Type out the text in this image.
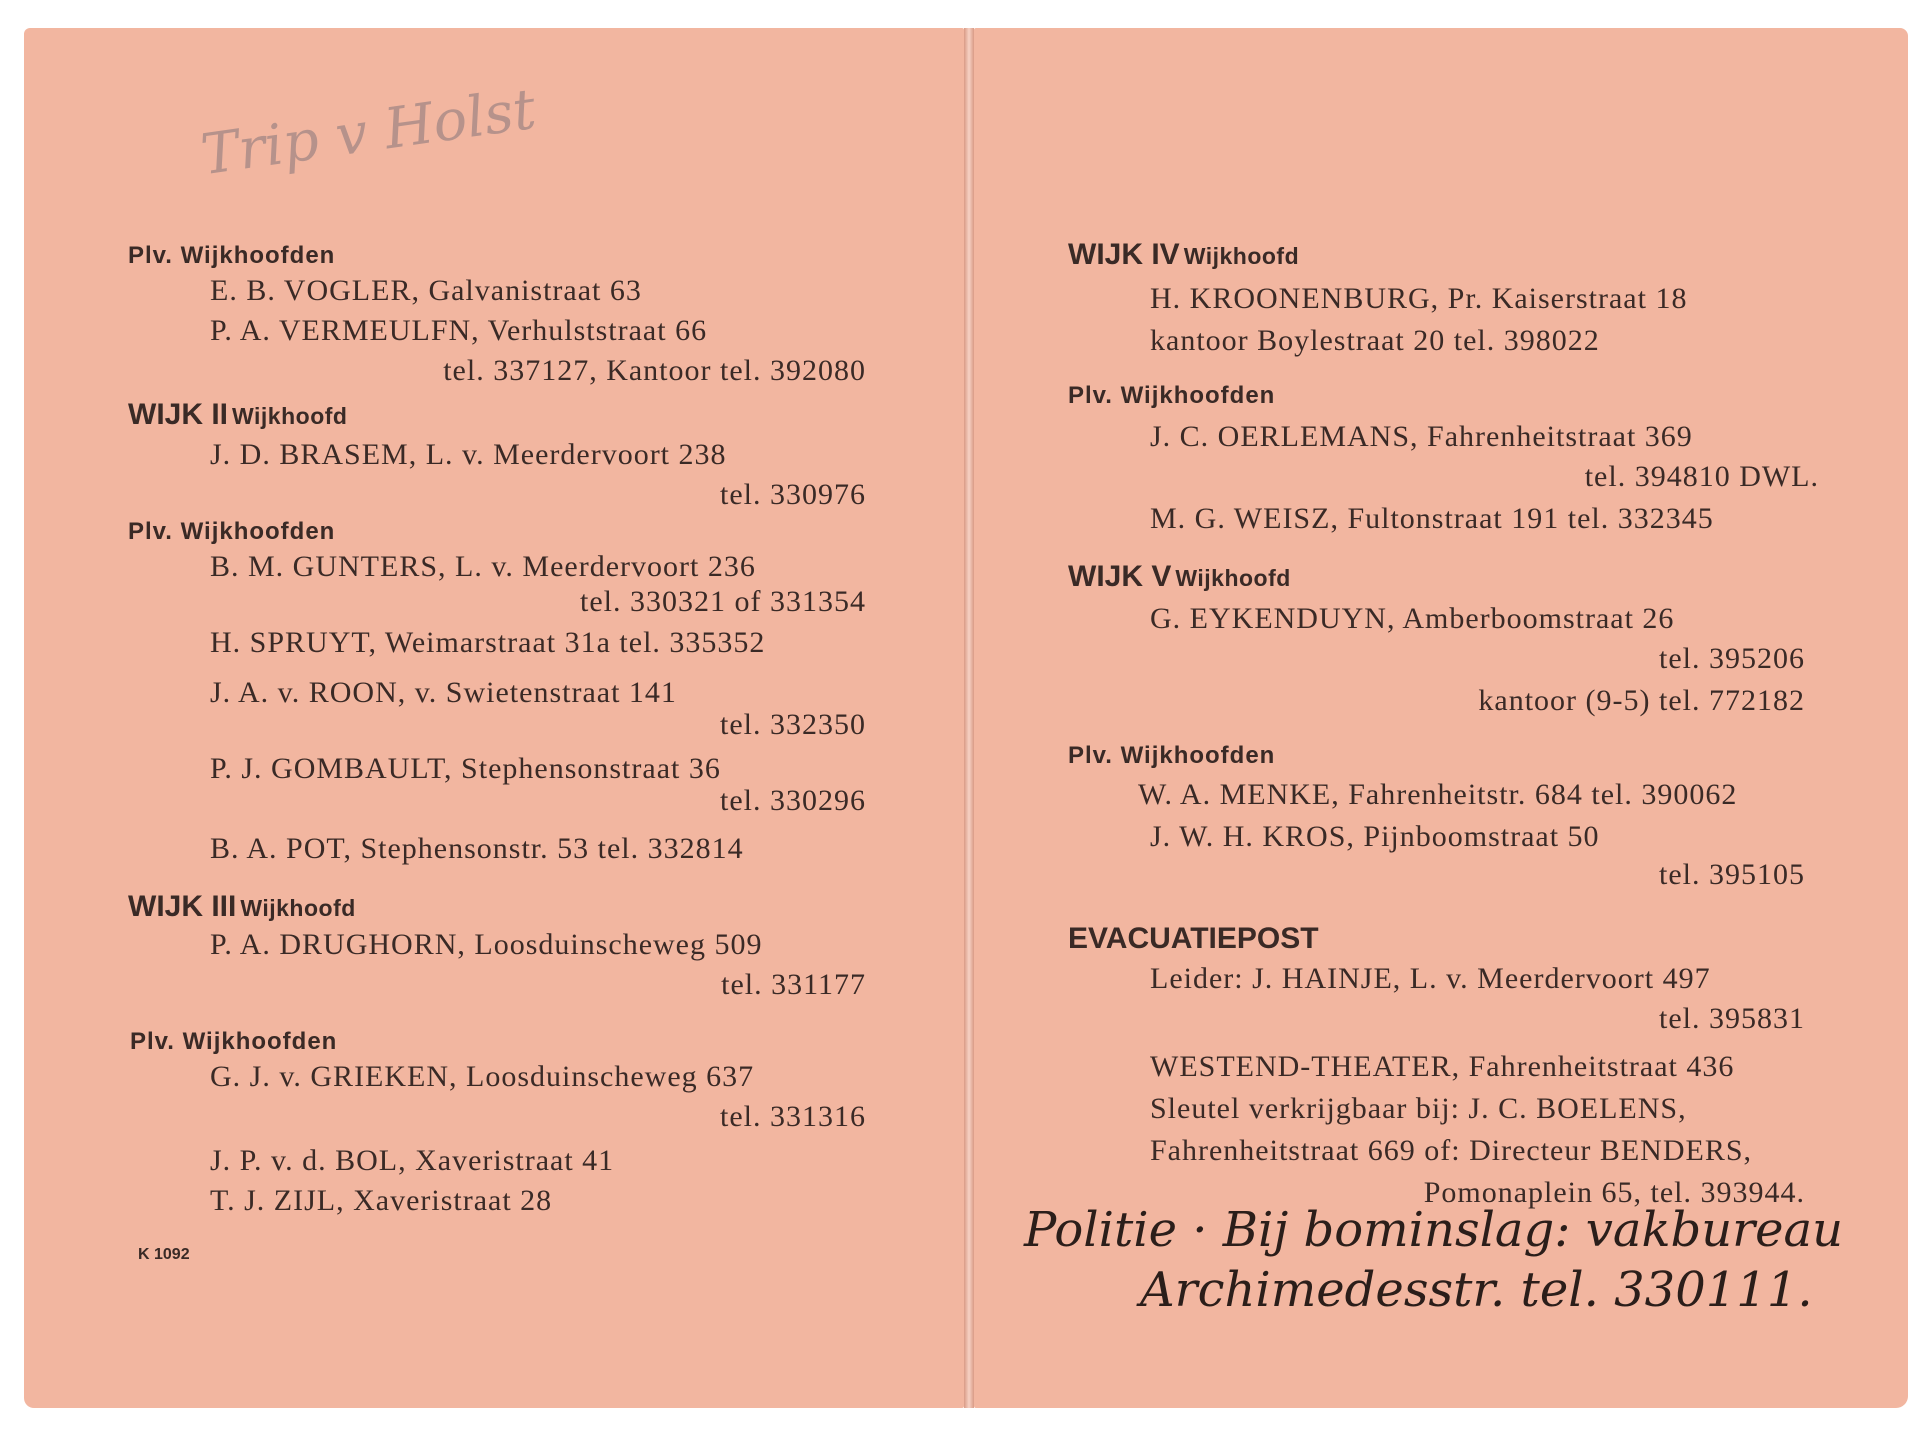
Trip v Holst
Plv. Wijkhoofden
E. B. VOGLER, Galvanistraat 63
P. A. VERMEULFN, Verhulststraat 66
tel. 337127, Kantoor tel. 392080
WIJK II Wijkhoofd
J. D. BRASEM, L. v. Meerdervoort 238
tel. 330976
Plv. Wijkhoofden
B. M. GUNTERS, L. v. Meerdervoort 236
tel. 330321 of 331354
H. SPRUYT, Weimarstraat 31a tel. 335352
J. A. v. ROON, v. Swietenstraat 141
tel. 332350
P. J. GOMBAULT, Stephensonstraat 36
tel. 330296
B. A. POT, Stephensonstr. 53 tel. 332814
WIJK III Wijkhoofd
P. A. DRUGHORN, Loosduinscheweg 509
tel. 331177
Plv. Wijkhoofden
G. J. v. GRIEKEN, Loosduinscheweg 637
tel. 331316
J. P. v. d. BOL, Xaveristraat 41
T. J. ZIJL, Xaveristraat 28
K 1092
WIJK IV Wijkhoofd
H. KROONENBURG, Pr. Kaiserstraat 18
kantoor Boylestraat 20 tel. 398022
Plv. Wijkhoofden
J. C. OERLEMANS, Fahrenheitstraat 369
tel. 394810 DWL.
M. G. WEISZ, Fultonstraat 191 tel. 332345
WIJK V Wijkhoofd
G. EYKENDUYN, Amberboomstraat 26
tel. 395206
kantoor (9-5) tel. 772182
Plv. Wijkhoofden
W. A. MENKE, Fahrenheitstr. 684 tel. 390062
J. W. H. KROS, Pijnboomstraat 50
tel. 395105
EVACUATIEPOST
Leider: J. HAINJE, L. v. Meerdervoort 497
tel. 395831
WESTEND-THEATER, Fahrenheitstraat 436
Sleutel verkrijgbaar bij: J. C. BOELENS,
Fahrenheitstraat 669 of: Directeur BENDERS,
Pomonaplein 65, tel. 393944.
Politie · Bij bominslag: vakbureau
Archimedesstr. tel. 330111.
